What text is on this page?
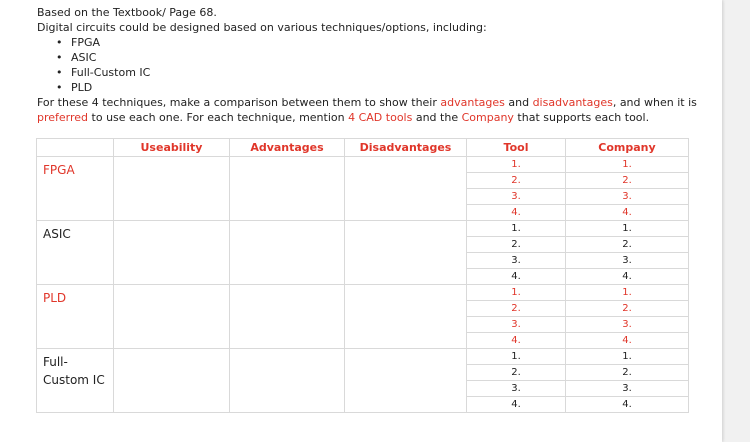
Based on the Textbook/ Page 68.

Digital circuits could be designed based on various techniques/options, including:

• FPGA
• ASIC
• Full-Custom IC
• PLD

For these 4 techniques, make a comparison between them to show their advantages and disadvantages, and when it is preferred to use each one. For each technique, mention 4 CAD tools and the Company that supports each tool.

	Useability	Advantages	Disadvantages	Tool	Company
FPGA				1.	1.
				2.	2.
				3.	3.
				4.	4.
ASIC				1.	1.
				2.	2.
				3.	3.
				4.	4.
PLD				1.	1.
				2.	2.
				3.	3.
				4.	4.
Full-Custom IC				1.	1.
				2.	2.
				3.	3.
				4.	4.
